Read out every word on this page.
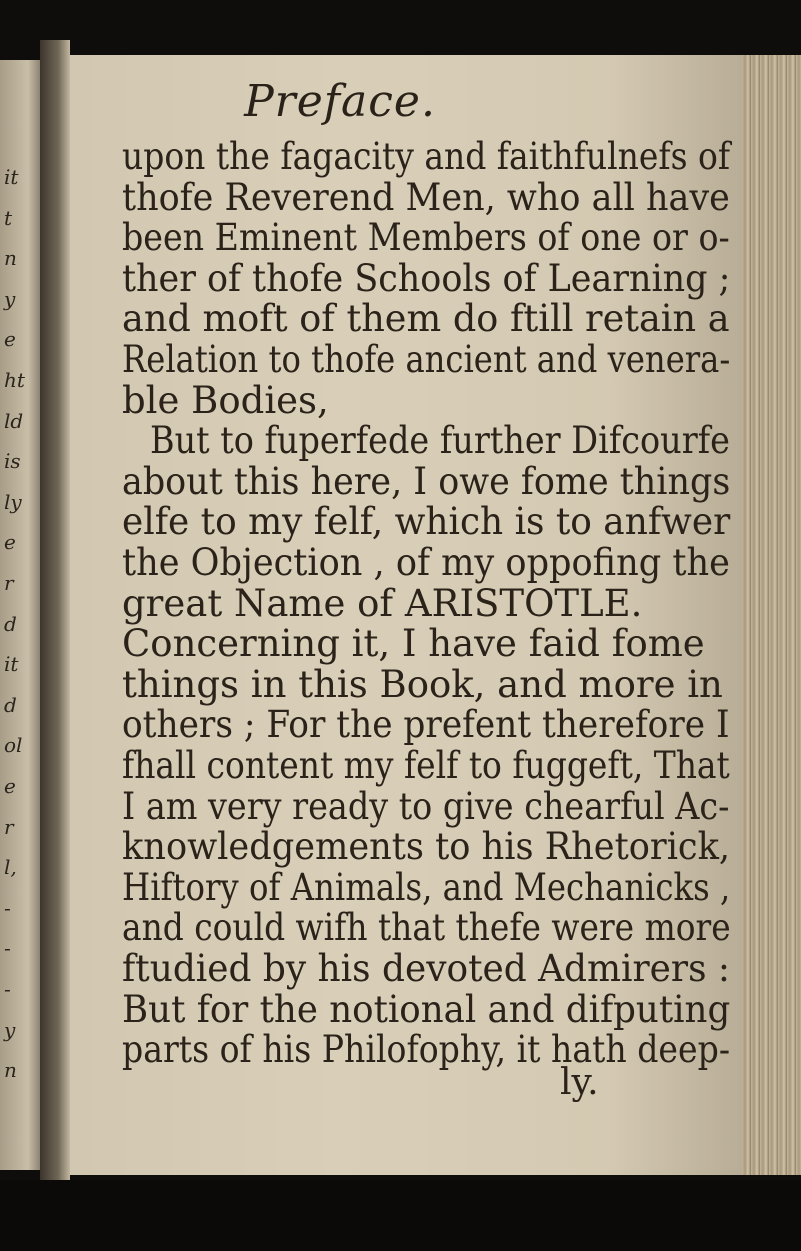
Preface.
upon the fagacity and faithfulnefs of
thofe Reverend Men, who all have
been Eminent Members of one or o-
ther of thofe Schools of Learning ;
and moft of them do ftill retain a
Relation to thofe ancient and venera-
ble Bodies,
But to fuperfede further Difcourfe
about this here, I owe fome things
elfe to my felf, which is to anfwer
the Objection , of my oppofing the
great Name of ARISTOTLE.
Concerning it, I have faid fome
things in this Book, and more in
others ; For the prefent therefore I
fhall content my felf to fuggeft, That
I am very ready to give chearful Ac-
knowledgements to his Rhetorick,
Hiftory of Animals, and Mechanicks ,
and could wifh that thefe were more
ftudied by his devoted Admirers :
But for the notional and difputing
parts of his Philofophy, it hath deep-
ly.
it
t
n
y
e
ht
ld
is
ly
e
r
d
it
d
ol
e
r
l,
-
-
-
y
n
